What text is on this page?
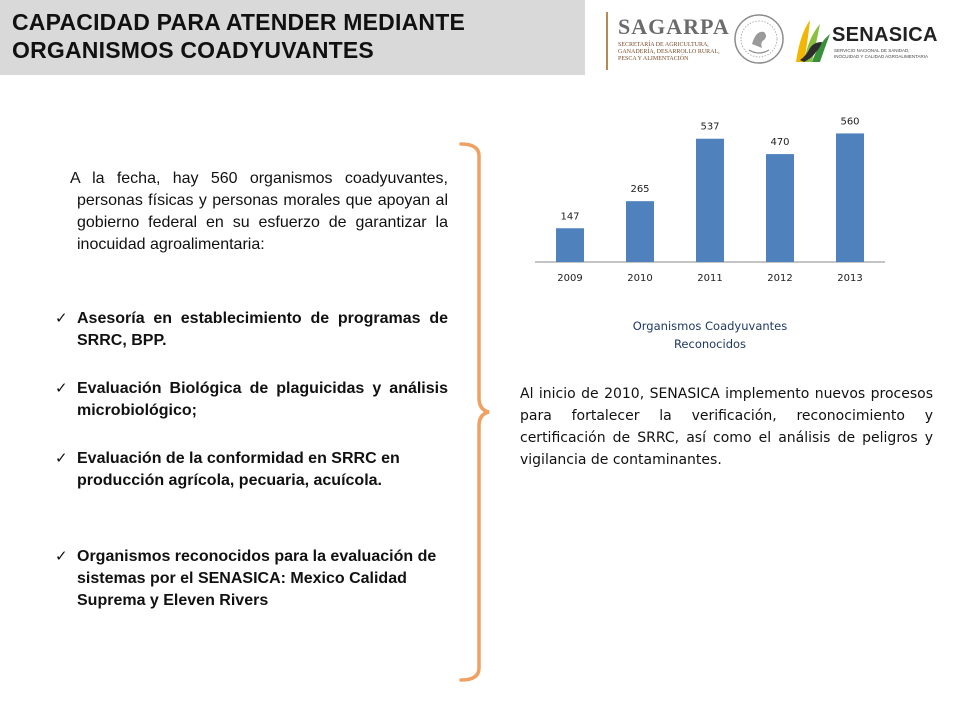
CAPACIDAD PARA ATENDER MEDIANTE
ORGANISMOS COADYUVANTES
SAGARPA
SECRETARÍA DE AGRICULTURA,
GANADERÍA, DESARROLLO RURAL,
PESCA Y ALIMENTACIÓN
SENASICA
SERVICIO NACIONAL DE SANIDAD,
INOCUIDAD Y CALIDAD AGROALIMENTARIA
A la fecha, hay 560 organismos coadyuvantes, personas físicas y personas morales que apoyan al gobierno federal en su esfuerzo de garantizar la inocuidad agroalimentaria:
✓ Asesoría en establecimiento de programas de SRRC, BPP.
✓ Evaluación Biológica de plaguicidas y análisis microbiológico;
✓ Evaluación de la conformidad en SRRC en producción agrícola, pecuaria, acuícola.
✓ Organismos reconocidos para la evaluación de sistemas por el SENASICA: Mexico Calidad Suprema y Eleven Rivers
147
2009
265
2010
537
2011
470
2012
560
2013
Organismos Coadyuvantes
Reconocidos
Al inicio de 2010, SENASICA implemento nuevos procesos para fortalecer la verificación, reconocimiento y certificación de SRRC, así como el análisis de peligros y vigilancia de contaminantes.
